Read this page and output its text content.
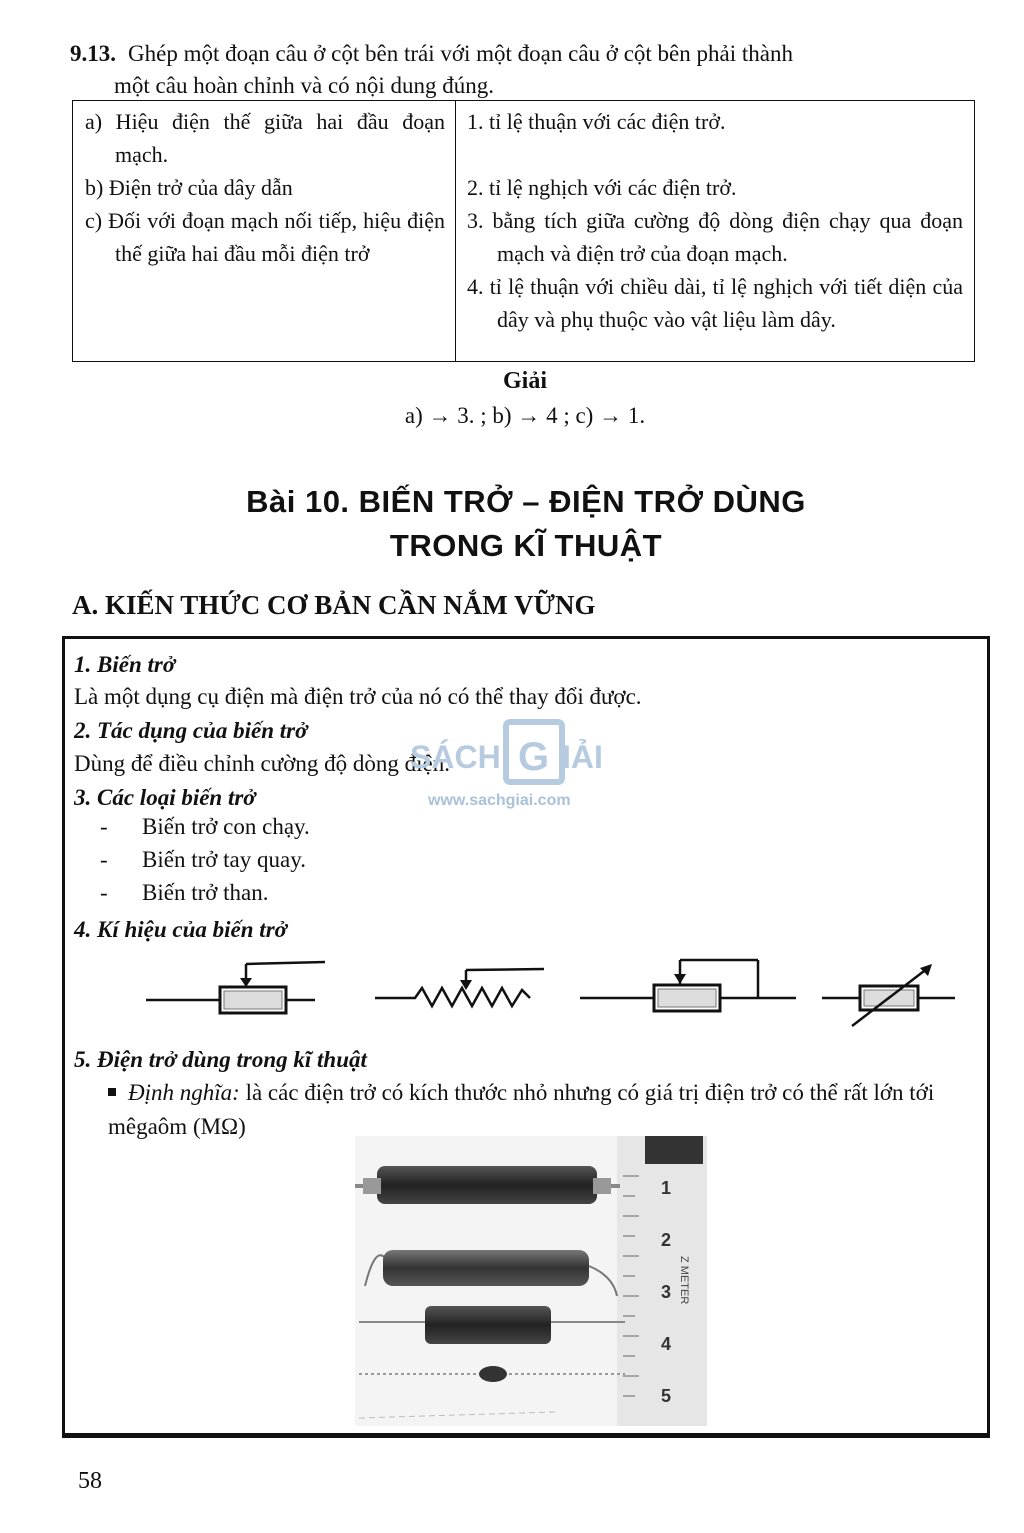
9.13. Ghép một đoạn câu ở cột bên trái với một đoạn câu ở cột bên phải thành
một câu hoàn chỉnh và có nội dung đúng.

a) Hiệu điện thế giữa hai đầu đoạn mạch.

b) Điện trở của dây dẫn

c) Đối với đoạn mạch nối tiếp, hiệu điện thế giữa hai đầu mỗi điện trở

1. tỉ lệ thuận với các điện trở.

2. tỉ lệ nghịch với các điện trở.

3. bằng tích giữa cường độ dòng điện chạy qua đoạn mạch và điện trở của đoạn mạch.

4. tỉ lệ thuận với chiều dài, tỉ lệ nghịch với tiết diện của dây và phụ thuộc vào vật liệu làm dây.

Giải
a) → 3. ; b) → 4 ; c) → 1.
Bài 10. BIẾN TRỞ – ĐIỆN TRỞ DÙNG
TRONG KĨ THUẬT
A. KIẾN THỨC CƠ BẢN CẦN NẮM VỮNG
1. Biến trở
Là một dụng cụ điện mà điện trở của nó có thể thay đổi được.
2. Tác dụng của biến trở
Dùng để điều chỉnh cường độ dòng điện.
3. Các loại biến trở
- Biến trở con chạy.
- Biến trở tay quay.
- Biến trở than.
4. Kí hiệu của biến trở
5. Điện trở dùng trong kĩ thuật
Định nghĩa: là các điện trở có kích thước nhỏ nhưng có giá trị điện trở có thể rất lớn tới mêgaôm (MΩ)
SÁCH G IẢI
www.sachgiai.com
1
2
3
4
5
Z METER
58
